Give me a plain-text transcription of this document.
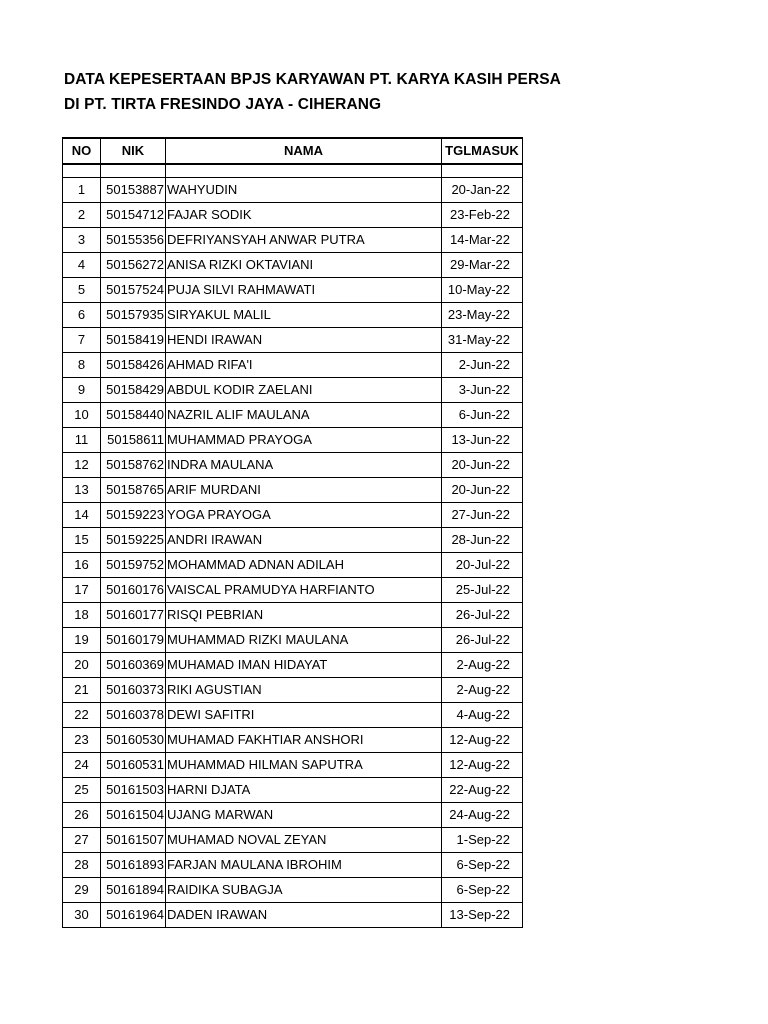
DATA KEPESERTAAN BPJS KARYAWAN PT. KARYA KASIH PERSA
DI PT. TIRTA FRESINDO JAYA - CIHERANG
NO	NIK	NAMA	TGLMASUK

1	50153887	WAHYUDIN	20-Jan-22
2	50154712	FAJAR SODIK	23-Feb-22
3	50155356	DEFRIYANSYAH ANWAR PUTRA	14-Mar-22
4	50156272	ANISA RIZKI OKTAVIANI	29-Mar-22
5	50157524	PUJA SILVI RAHMAWATI	10-May-22
6	50157935	SIRYAKUL MALIL	23-May-22
7	50158419	HENDI IRAWAN	31-May-22
8	50158426	AHMAD RIFA'I	2-Jun-22
9	50158429	ABDUL KODIR ZAELANI	3-Jun-22
10	50158440	NAZRIL ALIF MAULANA	6-Jun-22
11	50158611	MUHAMMAD PRAYOGA	13-Jun-22
12	50158762	INDRA MAULANA	20-Jun-22
13	50158765	ARIF MURDANI	20-Jun-22
14	50159223	YOGA PRAYOGA	27-Jun-22
15	50159225	ANDRI IRAWAN	28-Jun-22
16	50159752	MOHAMMAD ADNAN ADILAH	20-Jul-22
17	50160176	VAISCAL PRAMUDYA HARFIANTO	25-Jul-22
18	50160177	RISQI PEBRIAN	26-Jul-22
19	50160179	MUHAMMAD RIZKI MAULANA	26-Jul-22
20	50160369	MUHAMAD IMAN HIDAYAT	2-Aug-22
21	50160373	RIKI AGUSTIAN	2-Aug-22
22	50160378	DEWI SAFITRI	4-Aug-22
23	50160530	MUHAMAD FAKHTIAR ANSHORI	12-Aug-22
24	50160531	MUHAMMAD HILMAN SAPUTRA	12-Aug-22
25	50161503	HARNI DJATA	22-Aug-22
26	50161504	UJANG MARWAN	24-Aug-22
27	50161507	MUHAMAD NOVAL ZEYAN	1-Sep-22
28	50161893	FARJAN MAULANA IBROHIM	6-Sep-22
29	50161894	RAIDIKA SUBAGJA	6-Sep-22
30	50161964	DADEN IRAWAN	13-Sep-22
